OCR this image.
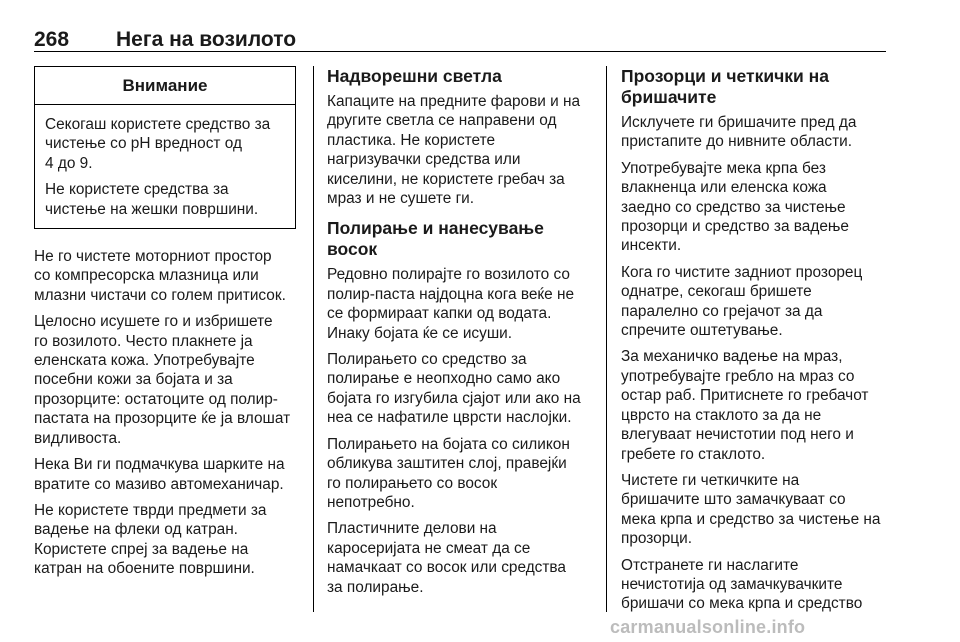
268 Нега на возилото
Внимание

Секогаш користете средство за
чистење со pH вредност од
4 до 9.

Не користете средства за
чистење на жешки површини.

Не го чистете моторниот простор
со компресорска млазница или
млазни чистачи со голем притисок.

Целосно исушете го и избришете
го возилото. Често плакнете ја
еленската кожа. Употребувајте
посебни кожи за бојата и за
прозорците: остатоците од полир-
пастата на прозорците ќе ја влошат
видливоста.

Нека Ви ги подмачкува шарките на
вратите со мазиво автомеханичар.

Не користете тврди предмети за
вадење на флеки од катран.
Користете спреј за вадење на
катран на обоените површини.

Надворешни светла

Капаците на предните фарови и на
другите светла се направени од
пластика. Не користете
нагризувачки средства или
киселини, не користете гребач за
мраз и не сушете ги.

Полирање и нанесување восок

Редовно полирајте го возилото со
полир-паста најдоцна кога веќе не
се формираат капки од водата.
Инаку бојата ќе се исуши.

Полирањето со средство за
полирање е неопходно само ако
бојата го изгубила сјајот или ако на
неа се нафатиле цврсти наслојки.

Полирањето на бојата со силикон
обликува заштитен слој, правејќи
го полирањето со восок
непотребно.

Пластичните делови на
каросеријата не смеат да се
намачкаат со восок или средства
за полирање.

Прозорци и четкички на
бришачите

Исклучете ги бришачите пред да
пристапите до нивните области.

Употребувајте мека крпа без
влакненца или еленска кожа
заедно со средство за чистење
прозорци и средство за вадење
инсекти.

Кога го чистите задниот прозорец
однатре, секогаш бришете
паралелно со грејачот за да
спречите оштетување.

За механичко вадење на мраз,
употребувајте гребло на мраз со
остар раб. Притиснете го гребачот
цврсто на стаклото за да не
влегуваат нечистотии под него и
гребете го стаклото.

Чистете ги четкичките на
бришачите што замачкуваат со
мека крпа и средство за чистење на
прозорци.

Отстранете ги наслагите
нечистотија од замачкувачките
бришачи со мека крпа и средство

carmanualsonline.info
